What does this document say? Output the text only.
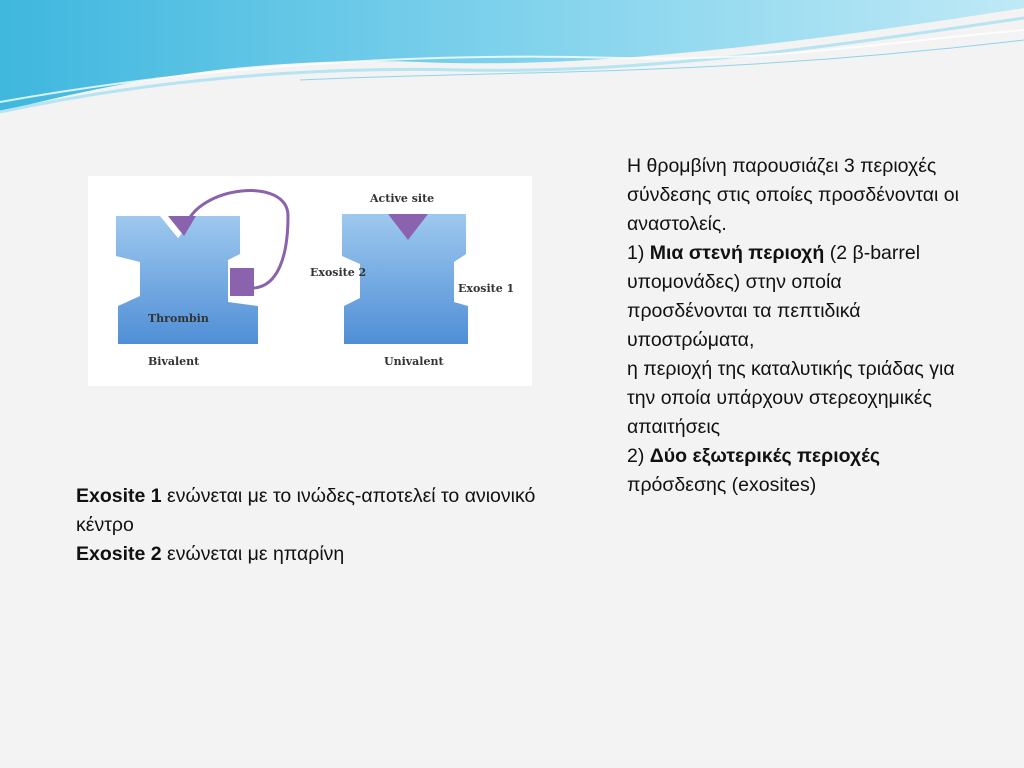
Thrombin
Bivalent
Active site
Exosite 2
Exosite 1
Univalent

Η θρομβίνη παρουσιάζει 3 περιοχές σύνδεσης στις οποίες προσδένονται οι αναστολείς.

1) Μια στενή περιοχή (2 β-barrel υπομονάδες) στην οποία προσδένονται τα πεπτιδικά υποστρώματα,

η περιοχή της καταλυτικής τριάδας για την οποία υπάρχουν στερεοχημικές απαιτήσεις

2) Δύο εξωτερικές περιοχές πρόσδεσης (exosites)

Exosite 1 ενώνεται με το ινώδες-αποτελεί το ανιονικό κέντρο

Exosite 2 ενώνεται με ηπαρίνη
